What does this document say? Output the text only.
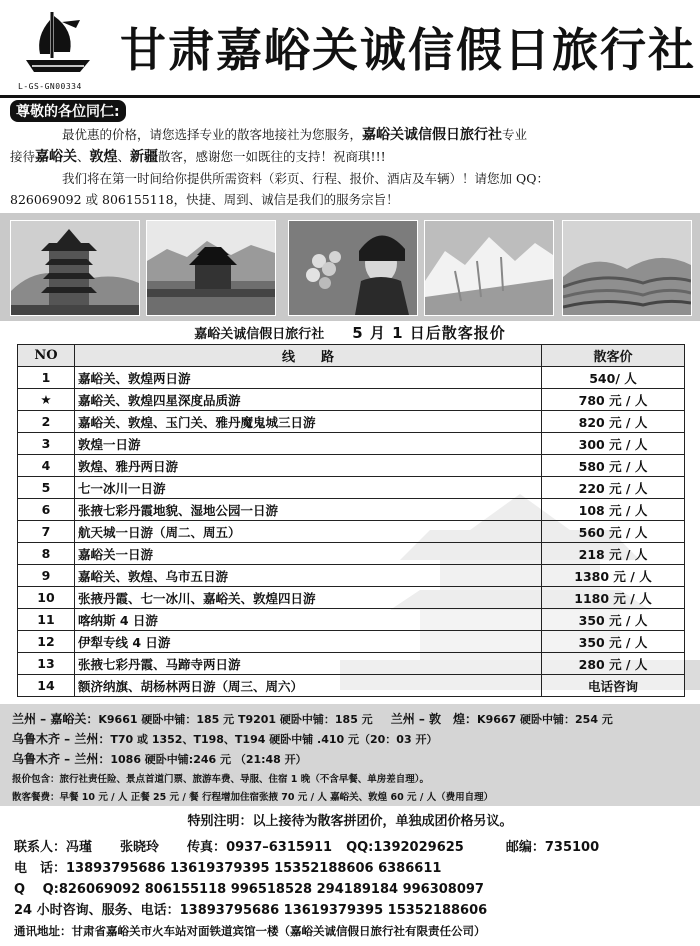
L-GS-GN00334
甘肃嘉峪关诚信假日旅行社
尊敬的各位同仁:
最优惠的价格，请您选择专业的散客地接社为您服务，嘉峪关诚信假日旅行社专业
接待嘉峪关、敦煌、新疆散客，感谢您一如既往的支持！祝商琪!!!
我们将在第一时间给你提供所需资料（彩页、行程、报价、酒店及车辆）！请您加 QQ：
826069092 或 806155118，快捷、周到、诚信是我们的服务宗旨！
嘉峪关诚信假日旅行社 5 月 1 日后散客报价
NO	线　　路	散客价
1	嘉峪关、敦煌两日游	540/ 人
★	嘉峪关、敦煌四星深度品质游	780 元 / 人
2	嘉峪关、敦煌、玉门关、雅丹魔鬼城三日游	820 元 / 人
3	敦煌一日游	300 元 / 人
4	敦煌、雅丹两日游	580 元 / 人
5	七一冰川一日游	220 元 / 人
6	张掖七彩丹霞地貌、湿地公园一日游	108 元 / 人
7	航天城一日游（周二、周五）	560 元 / 人
8	嘉峪关一日游	218 元 / 人
9	嘉峪关、敦煌、乌市五日游	1380 元 / 人
10	张掖丹霞、七一冰川、嘉峪关、敦煌四日游	1180 元 / 人
11	喀纳斯 4 日游	350 元 / 人
12	伊犁专线 4 日游	350 元 / 人
13	张掖七彩丹霞、马蹄寺两日游	280 元 / 人
14	额济纳旗、胡杨林两日游（周三、周六）	电话咨询
兰州 – 嘉峪关：K9661 硬卧中铺：185 元 T9201 硬卧中铺：185 元 兰州 – 敦　煌：K9667 硬卧中铺：254 元
乌鲁木齐 – 兰州：T70 或 1352、T198、T194 硬卧中铺 .410 元（20：03 开）
乌鲁木齐 – 兰州：1086 硬卧中铺:246 元 （21:48 开）
报价包含：旅行社责任险、景点首道门票、旅游车费、导服、住宿 1 晚（不含早餐、单房差自理）。
散客餐费：早餐 10 元 / 人 正餐 25 元 / 餐 行程增加住宿张掖 70 元 / 人 嘉峪关、敦煌 60 元 / 人（费用自理）
特别注明：以上接待为散客拼团价，单独成团价格另议。
联系人：冯瑾 张晓玲 传真：0937–6315911 QQ:1392029625	邮编：735100
电　话：13893795686 13619379395 15352188606 6386611
Q　 Q:826069092 806155118 996518528 294189184 996308097
24 小时咨询、服务、电话：13893795686 13619379395 15352188606
通讯地址：甘肃省嘉峪关市火车站对面铁道宾馆一楼（嘉峪关诚信假日旅行社有限责任公司）
